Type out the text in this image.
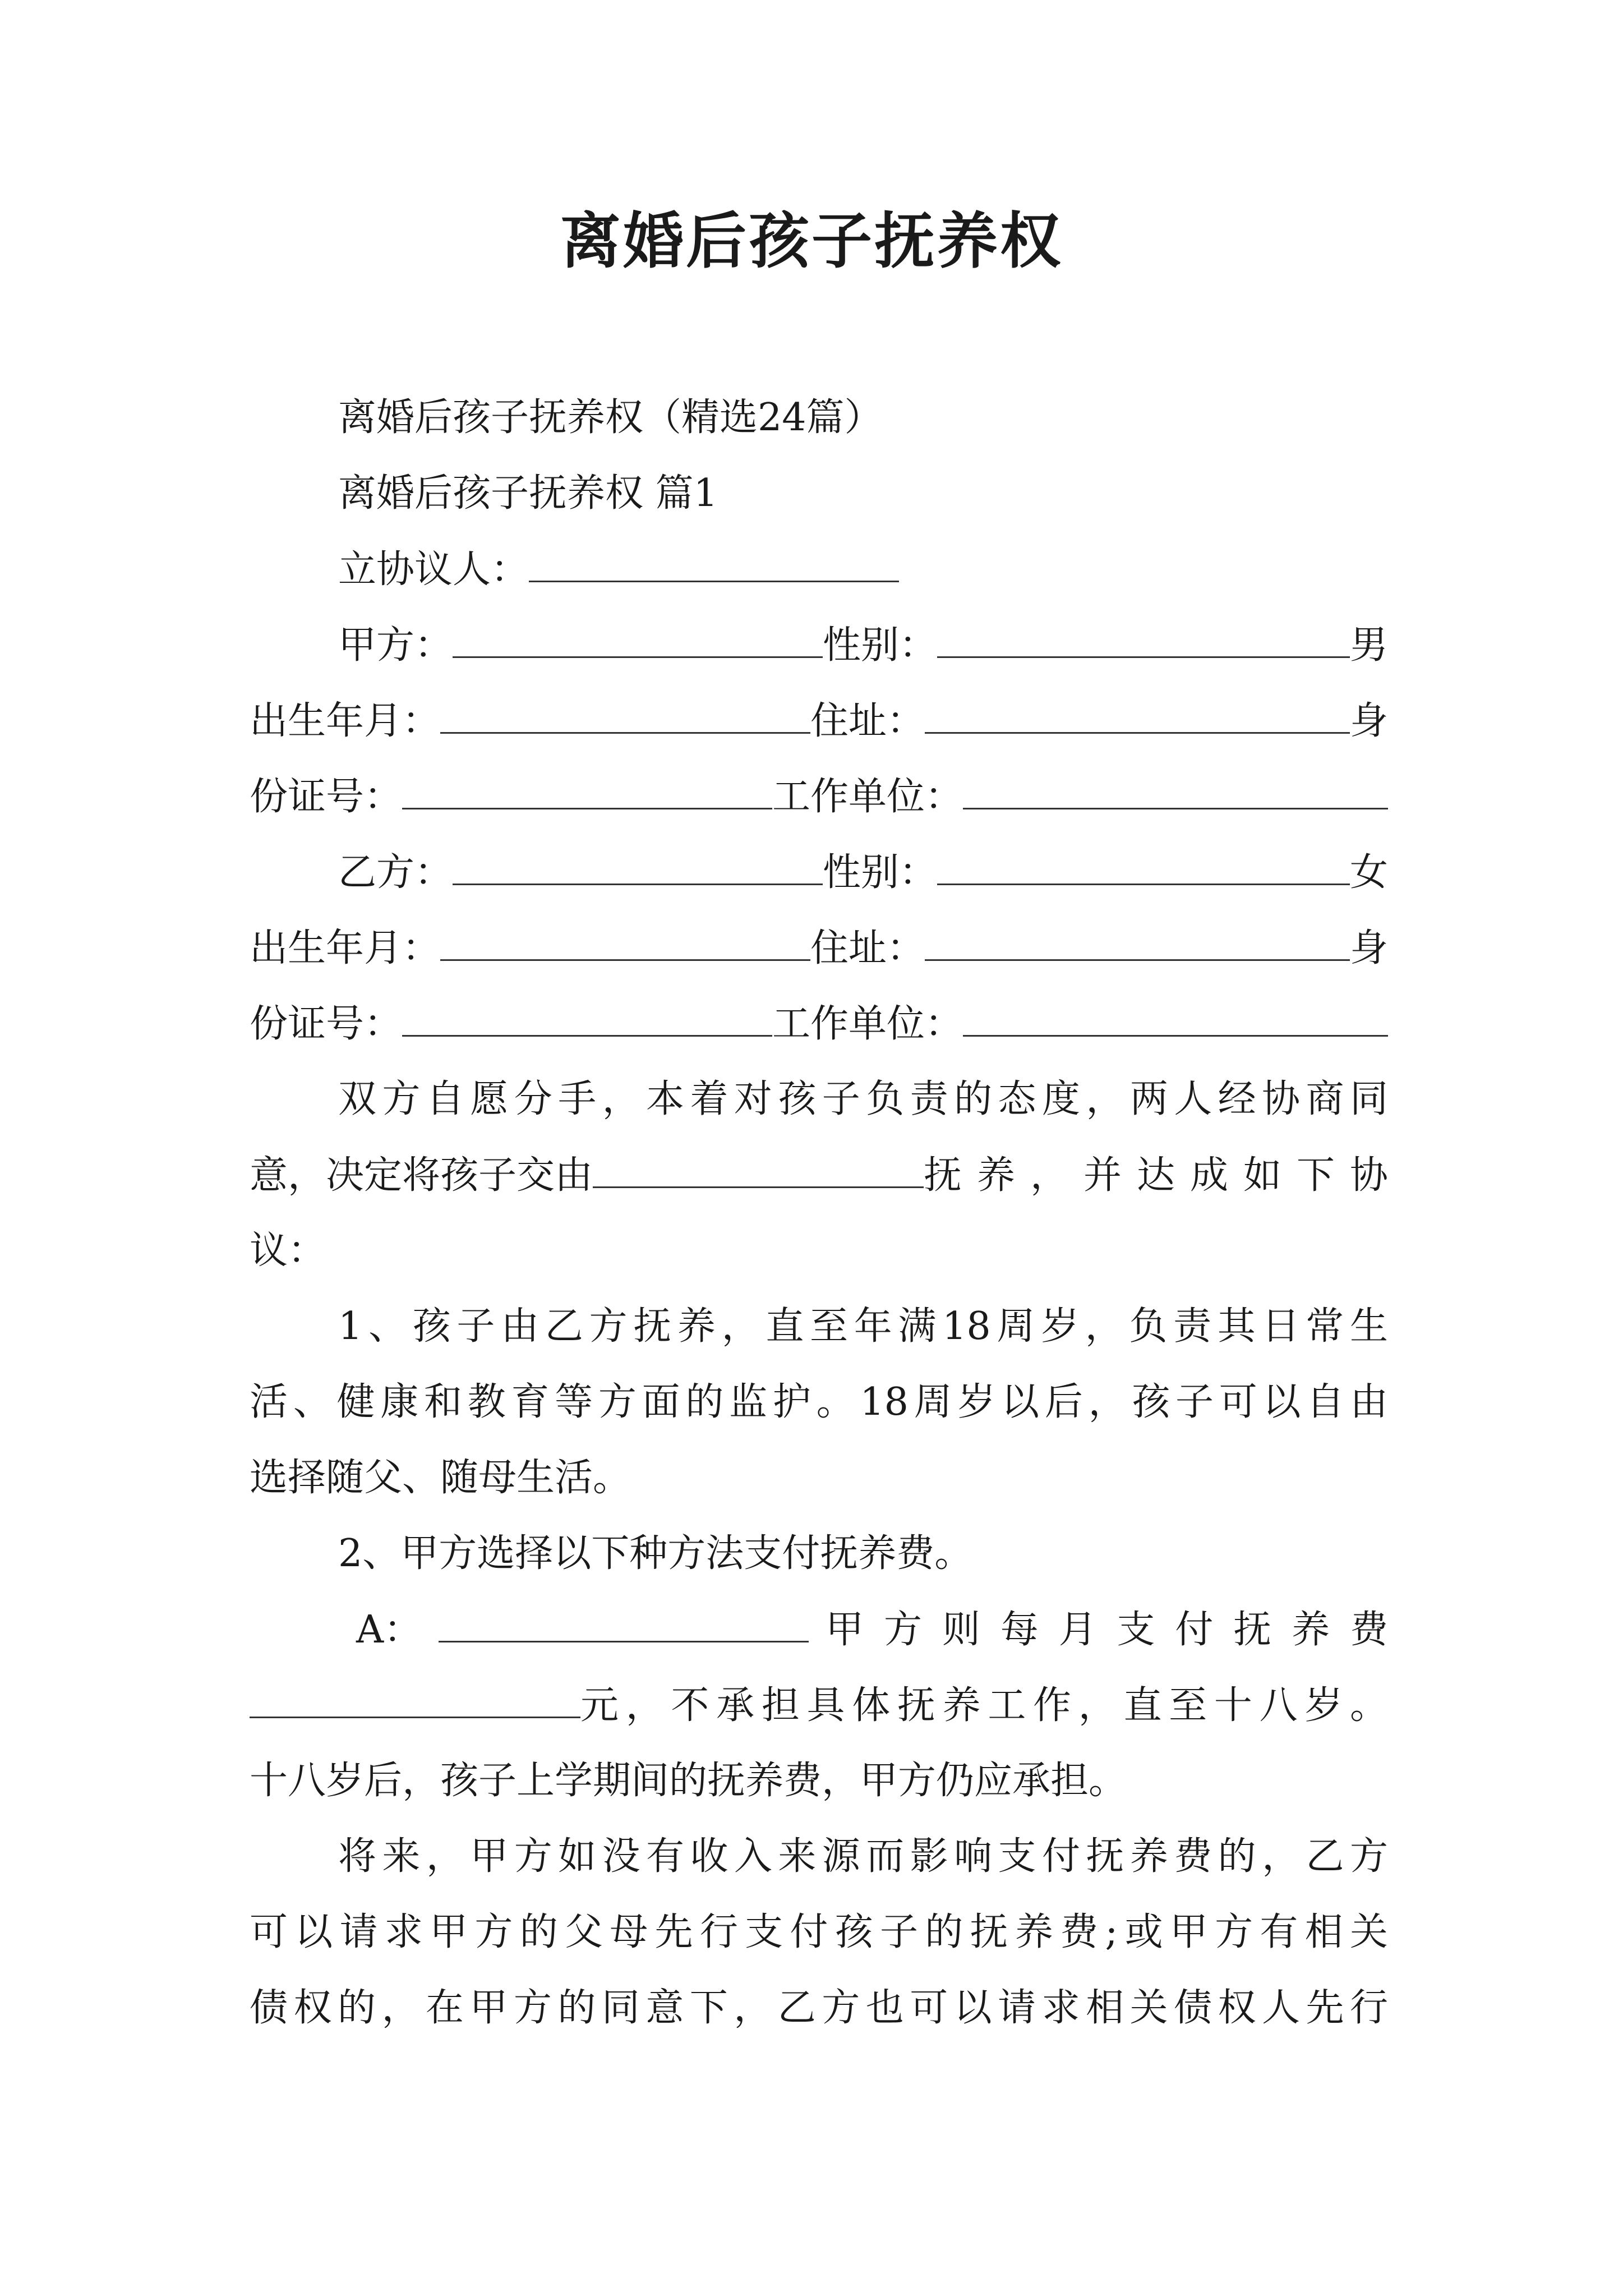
离婚后孩子抚养权
离婚后孩子抚养权（精选24篇）
离婚后孩子抚养权 篇1
立协议人：
甲方：	性别：	男
出生年月：	住址：	身
份证号：	工作单位：
乙方：	性别：	女
出生年月：	住址：	身
份证号：	工作单位：
双方自愿分手，本着对孩子负责的态度，两人经协商同
意，决定将孩子交由	抚养，并达成如下协
议：
1、孩子由乙方抚养，直至年满18周岁，负责其日常生
活、健康和教育等方面的监护。18周岁以后，孩子可以自由
选择随父、随母生活。
2、甲方选择以下种方法支付抚养费。
A：	甲方则每月支付抚养费
元，不承担具体抚养工作，直至十八岁。
十八岁后，孩子上学期间的抚养费，甲方仍应承担。
将来，甲方如没有收入来源而影响支付抚养费的，乙方
可以请求甲方的父母先行支付孩子的抚养费;或甲方有相关
债权的，在甲方的同意下，乙方也可以请求相关债权人先行
